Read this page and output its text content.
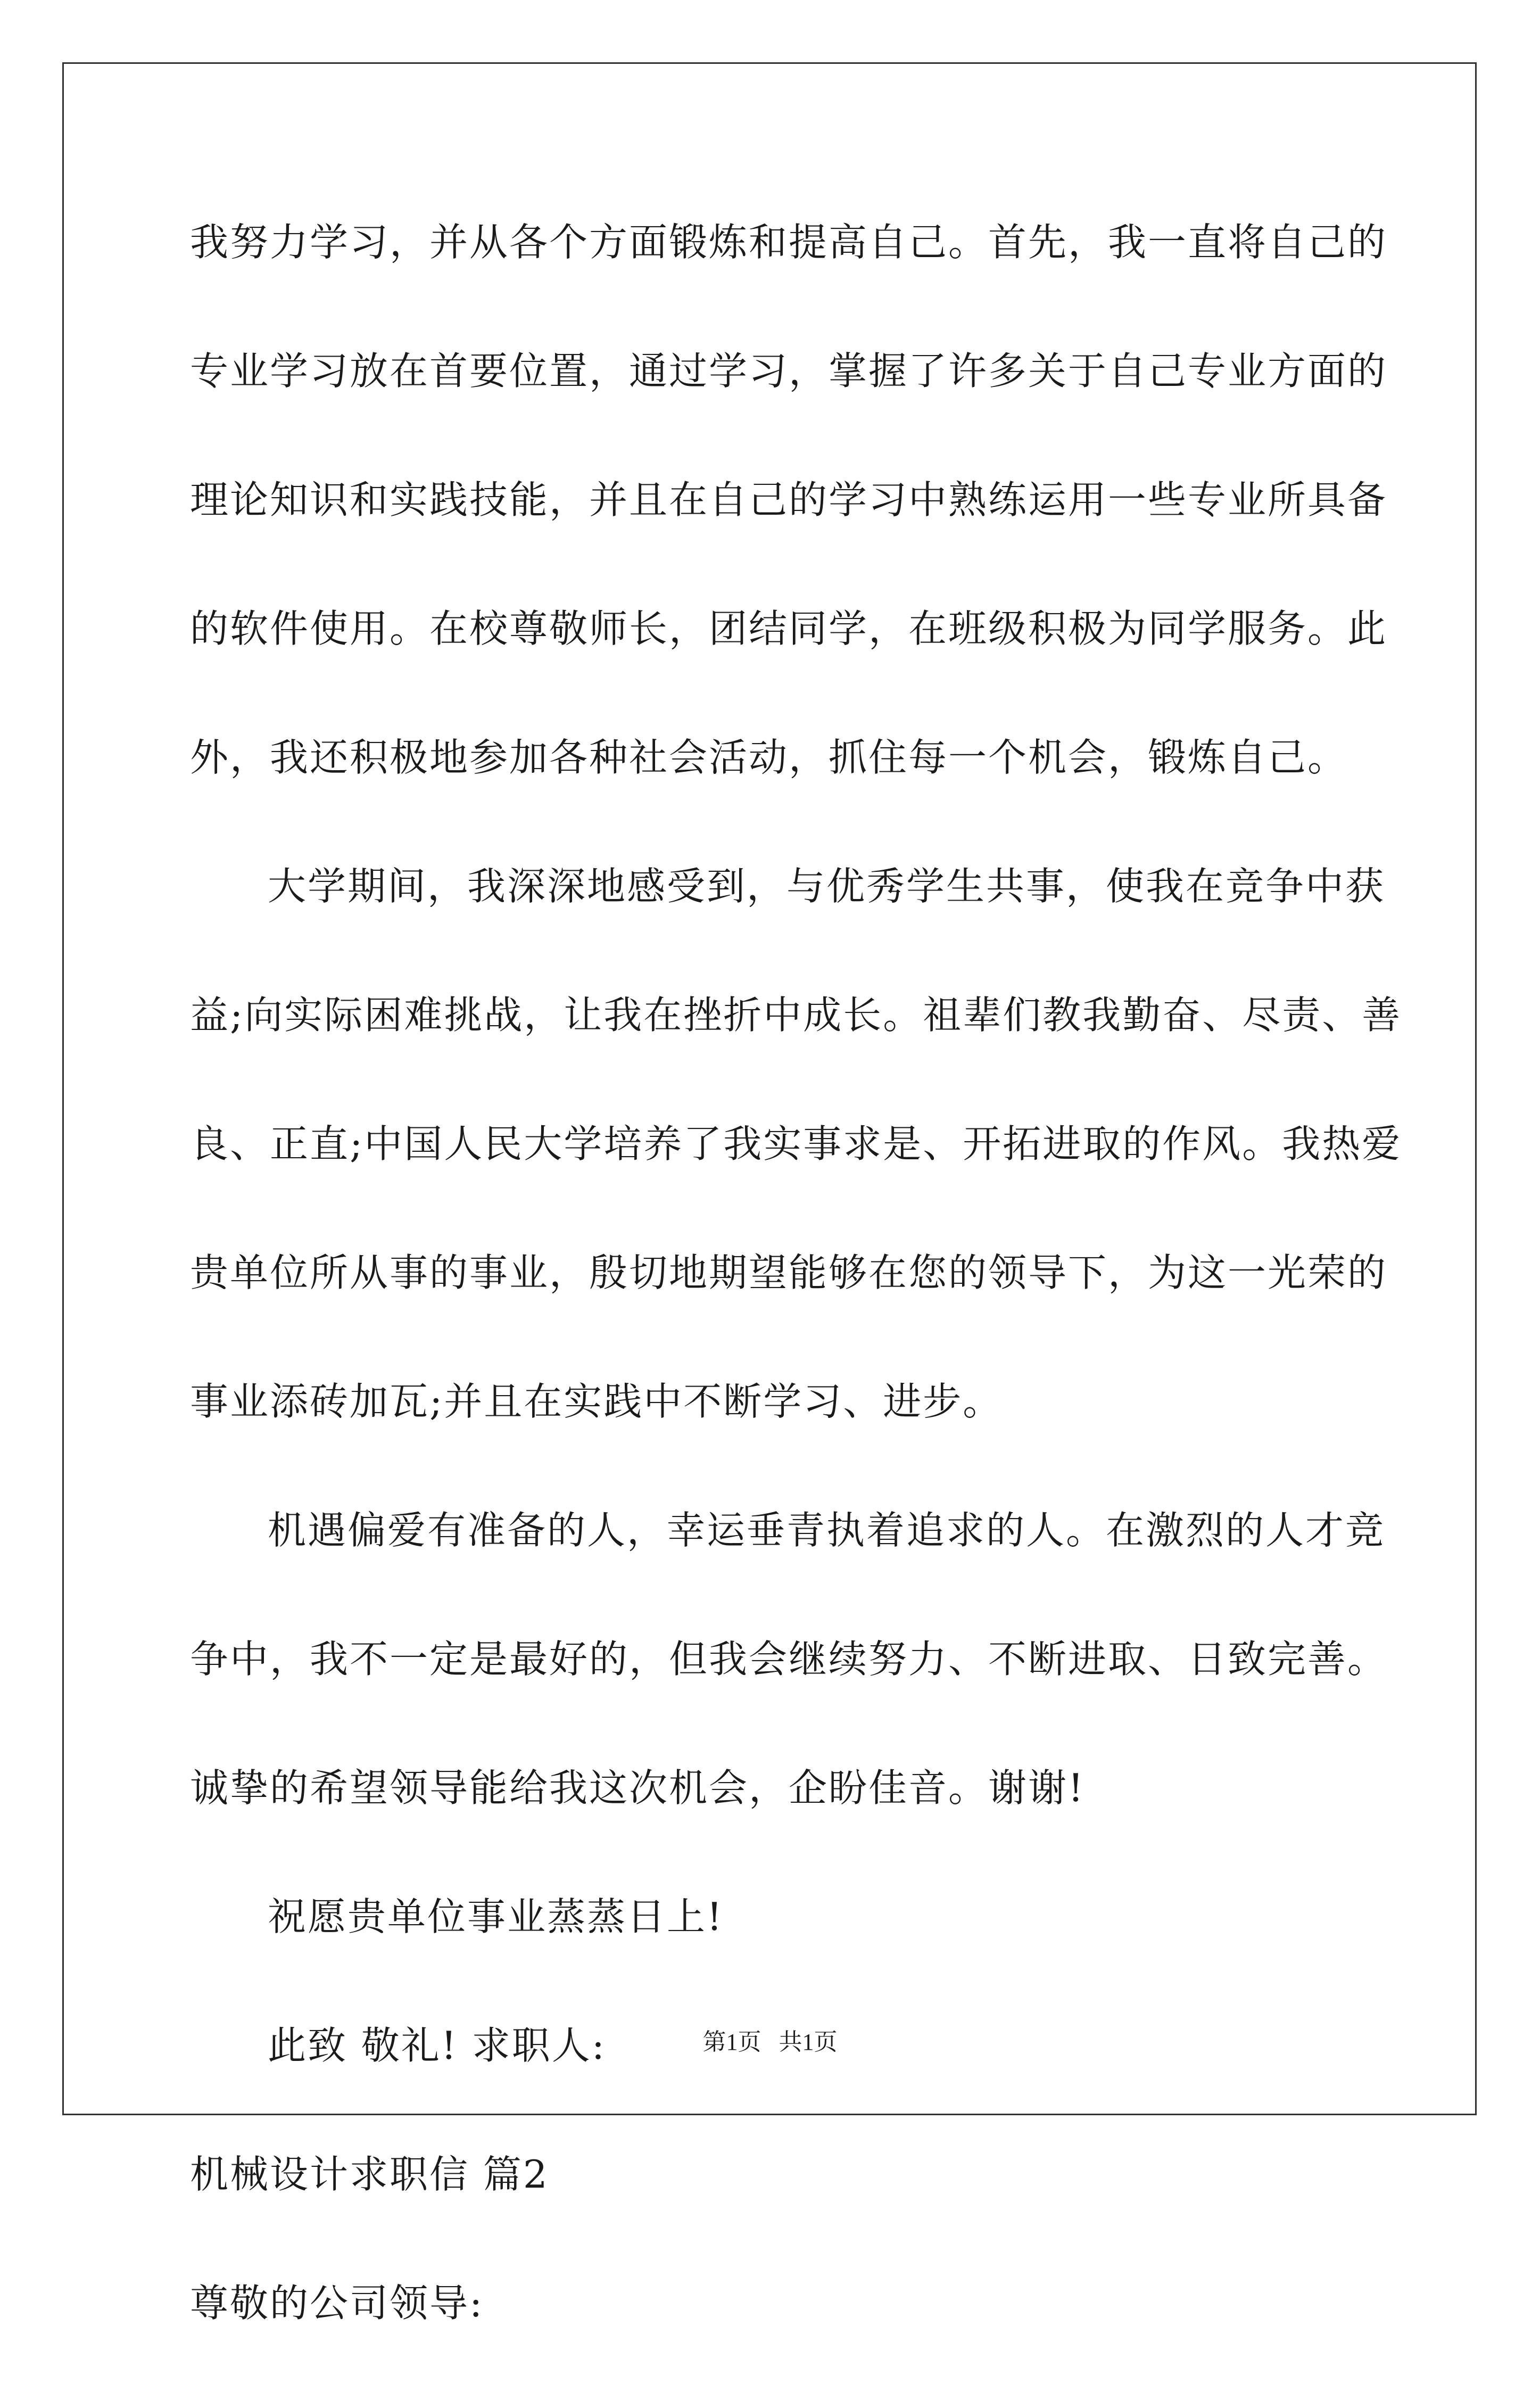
我努力学习，并从各个方面锻炼和提高自己。首先，我一直将自己的
专业学习放在首要位置，通过学习，掌握了许多关于自己专业方面的
理论知识和实践技能，并且在自己的学习中熟练运用一些专业所具备
的软件使用。在校尊敬师长，团结同学，在班级积极为同学服务。此
外，我还积极地参加各种社会活动，抓住每一个机会，锻炼自己。
大学期间，我深深地感受到，与优秀学生共事，使我在竞争中获
益;向实际困难挑战，让我在挫折中成长。祖辈们教我勤奋、尽责、善
良、正直;中国人民大学培养了我实事求是、开拓进取的作风。我热爱
贵单位所从事的事业，殷切地期望能够在您的领导下，为这一光荣的
事业添砖加瓦;并且在实践中不断学习、进步。
机遇偏爱有准备的人，幸运垂青执着追求的人。在激烈的人才竞
争中，我不一定是最好的，但我会继续努力、不断进取、日致完善。
诚挚的希望领导能给我这次机会，企盼佳音。谢谢!
祝愿贵单位事业蒸蒸日上!
此致 敬礼! 求职人:
机械设计求职信 篇2
尊敬的公司领导:
第1页   共1页
